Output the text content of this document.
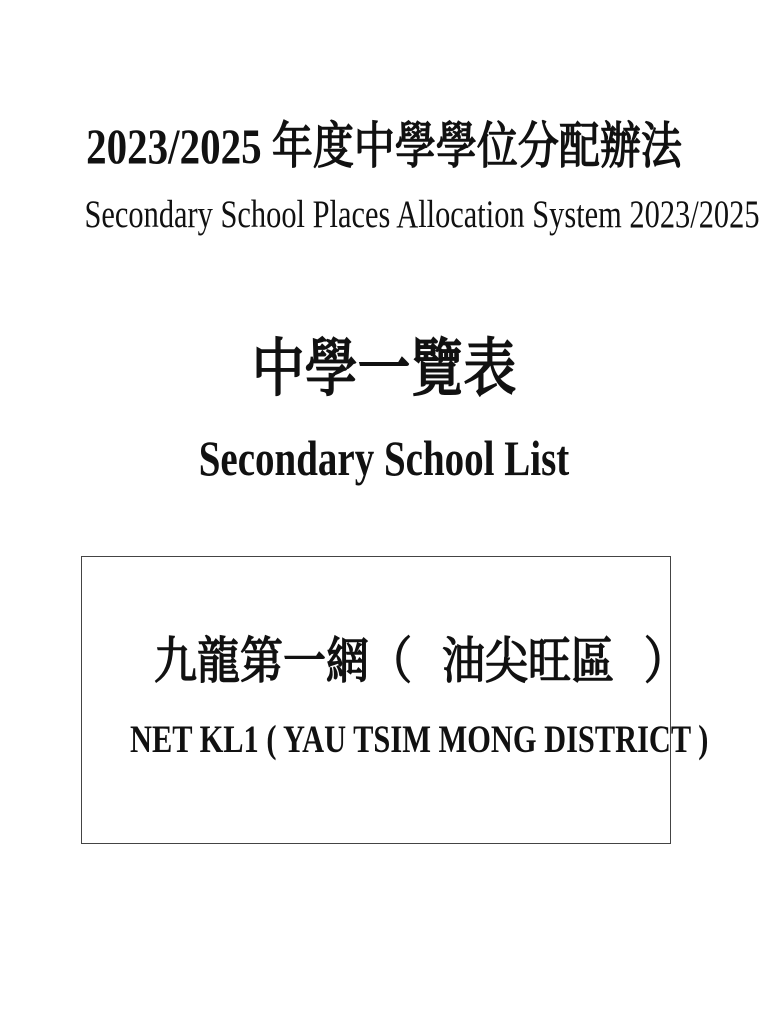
2023/2025 年度中學學位分配辦法
Secondary School Places Allocation System 2023/2025
中學一覽表
Secondary School List
九龍第一網（  油尖旺區  ）
NET KL1 ( YAU TSIM MONG DISTRICT )
